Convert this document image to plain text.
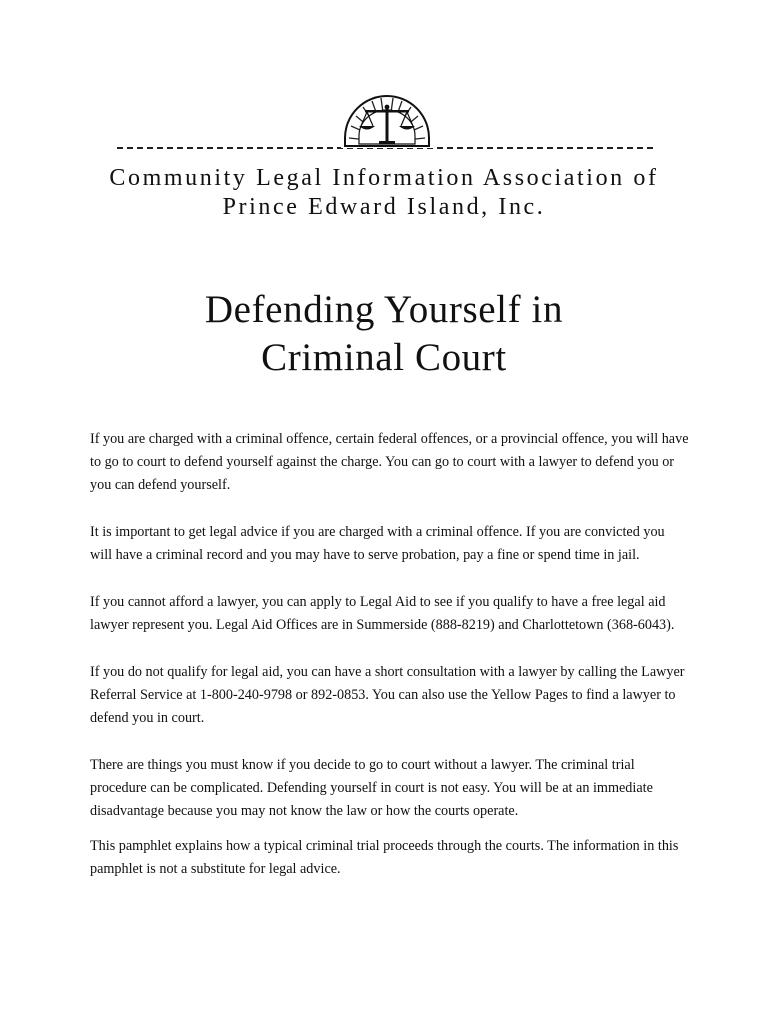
Community Legal Information Association of
Prince Edward Island, Inc.
Defending Yourself in
Criminal Court

If you are charged with a criminal offence, certain federal offences, or a provincial offence, you will have to go to court to defend yourself against the charge. You can go to court with a lawyer to defend you or you can defend yourself.

It is important to get legal advice if you are charged with a criminal offence. If you are convicted you will have a criminal record and you may have to serve probation, pay a fine or spend time in jail.

If you cannot afford a lawyer, you can apply to Legal Aid to see if you qualify to have a free legal aid lawyer represent you. Legal Aid Offices are in Summerside (888-8219) and Charlottetown (368-6043).

If you do not qualify for legal aid, you can have a short consultation with a lawyer by calling the Lawyer Referral Service at 1-800-240-9798 or 892-0853. You can also use the Yellow Pages to find a lawyer to defend you in court.

There are things you must know if you decide to go to court without a lawyer. The criminal trial procedure can be complicated. Defending yourself in court is not easy. You will be at an immediate disadvantage because you may not know the law or how the courts operate.

This pamphlet explains how a typical criminal trial proceeds through the courts. The information in this pamphlet is not a substitute for legal advice.
